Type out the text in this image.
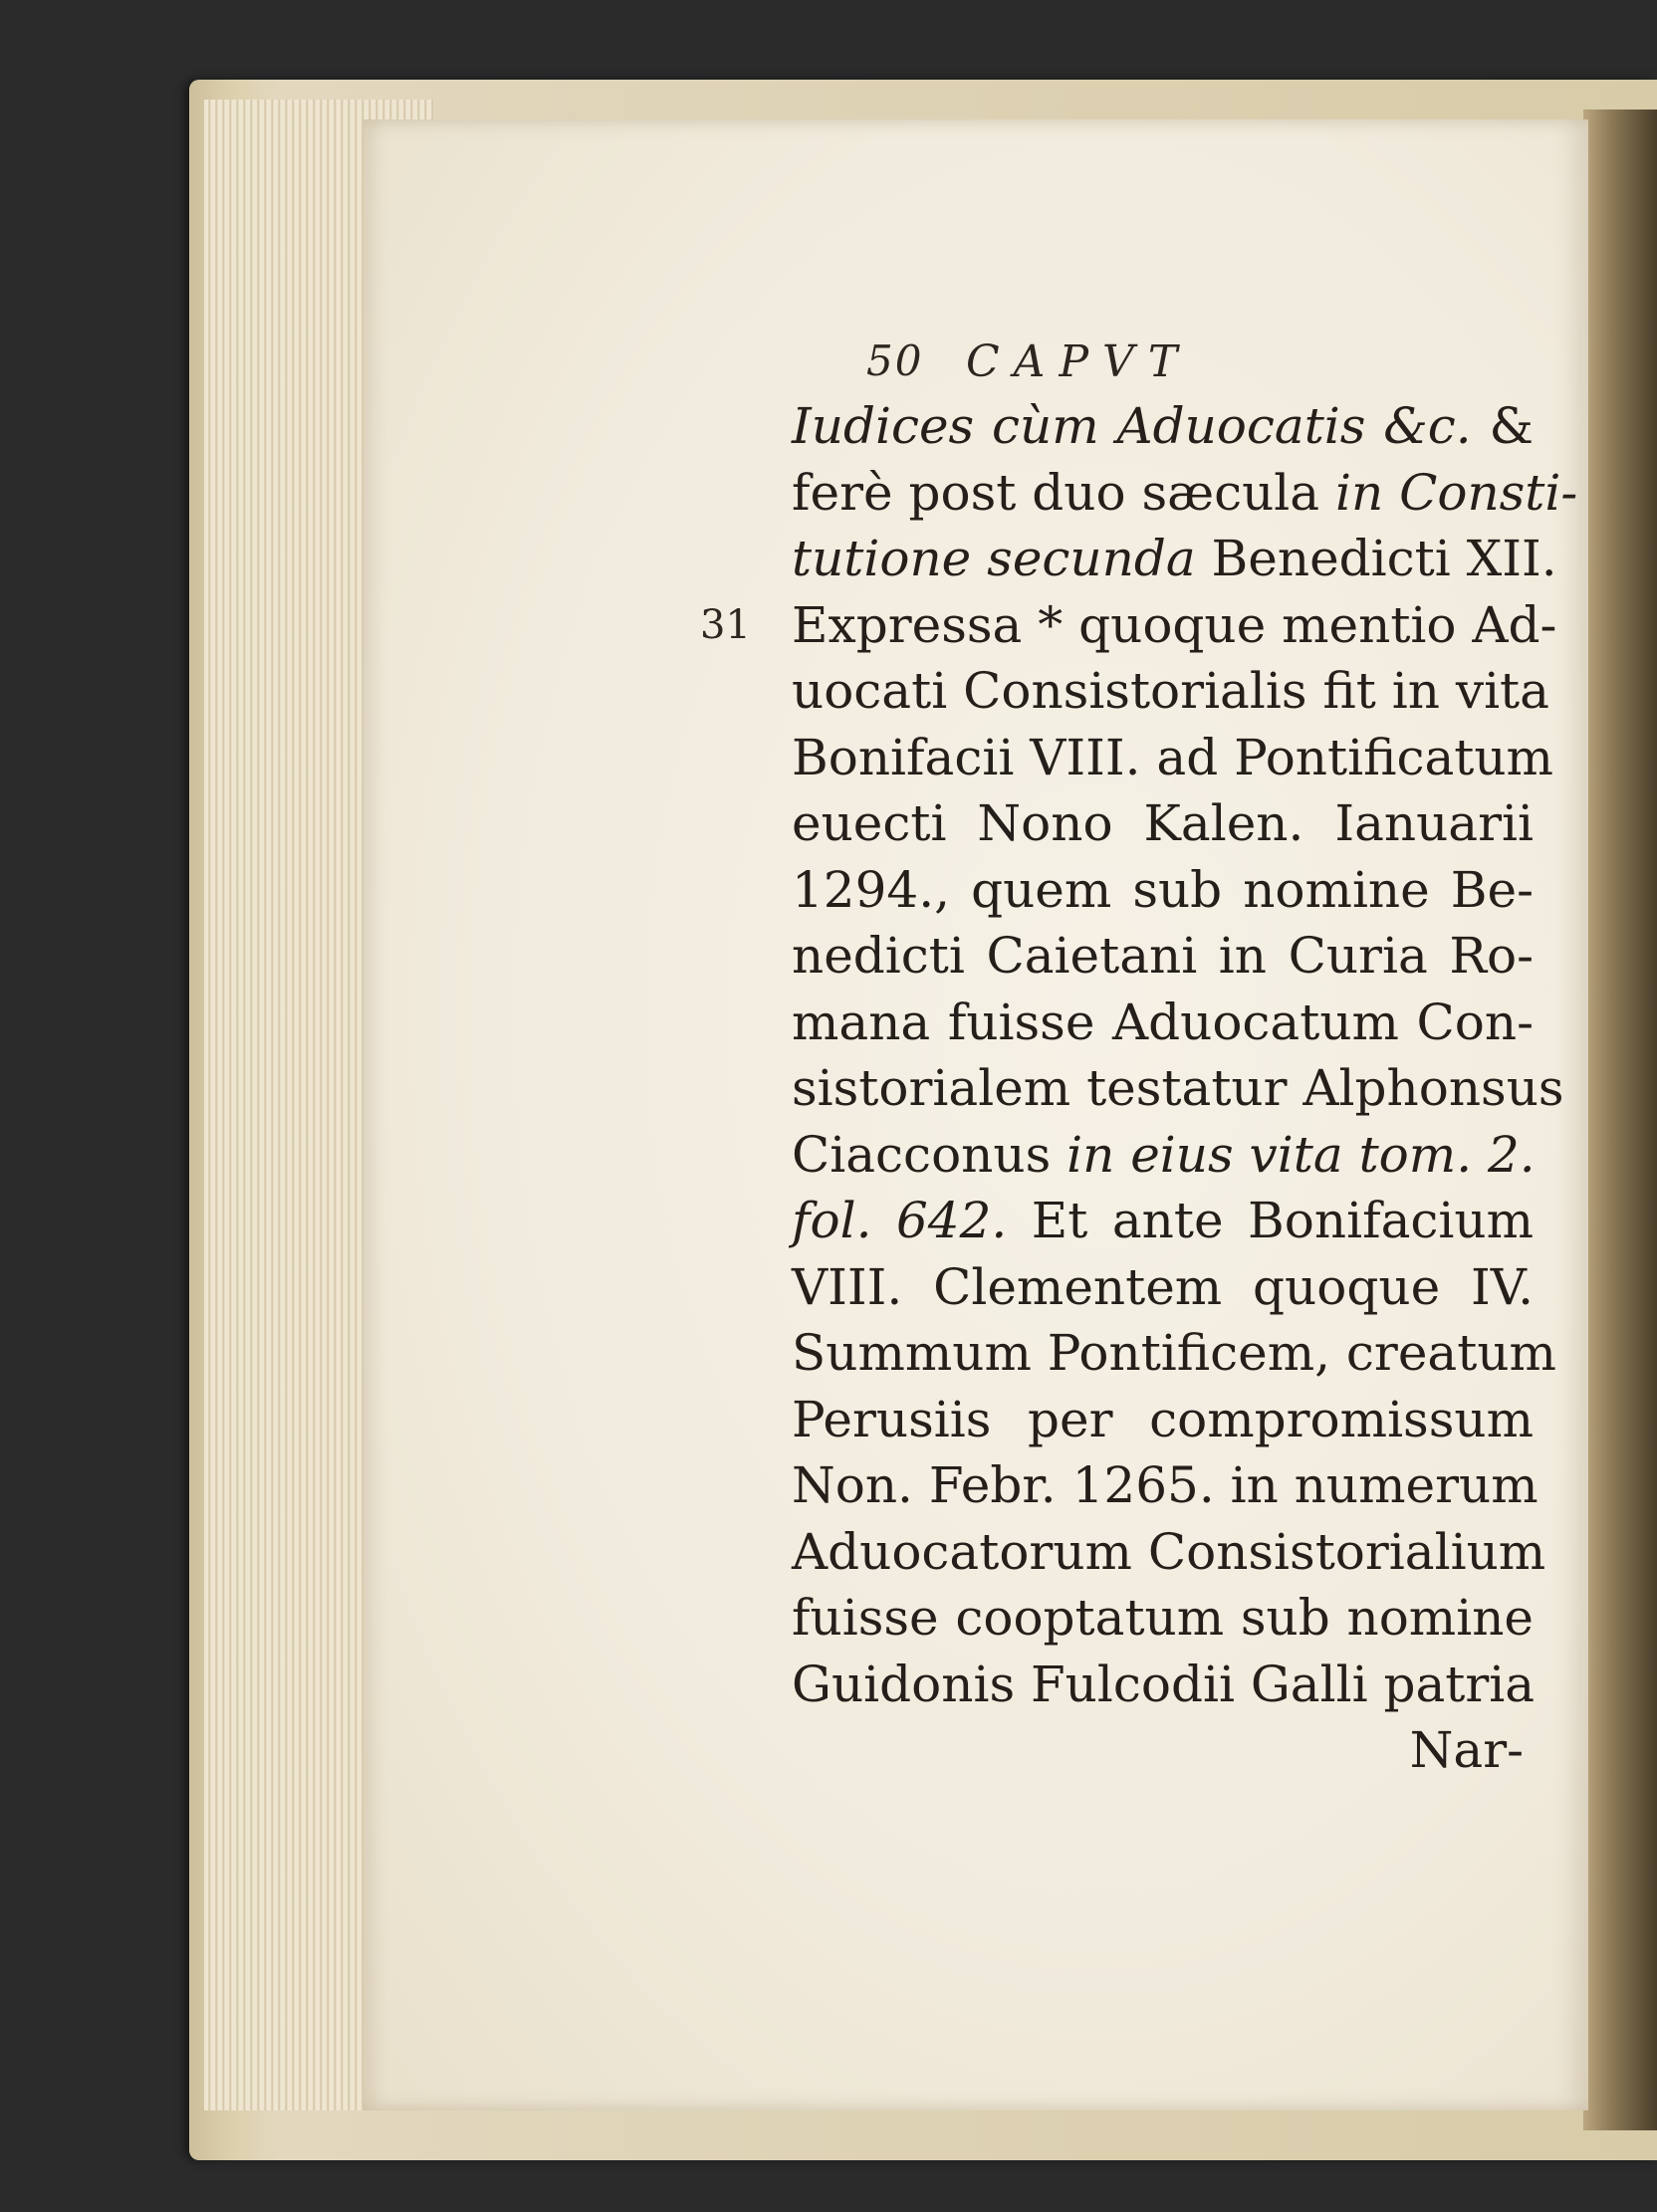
50 CAPVT
Iudices cùm Aduocatis &c. &
ferè post duo sæcula in Consti-
tutione secunda Benedicti XII.
31 Expressa * quoque mentio Ad-
uocati Consistorialis fit in vita
Bonifacii VIII. ad Pontificatum
euecti Nono Kalen. Ianuarii
1294., quem sub nomine Be-
nedicti Caietani in Curia Ro-
mana fuisse Aduocatum Con-
sistorialem testatur Alphonsus
Ciacconus in eius vita tom. 2.
fol. 642. Et ante Bonifacium
VIII. Clementem quoque IV.
Summum Pontificem, creatum
Perusiis per compromissum
Non. Febr. 1265. in numerum
Aduocatorum Consistorialium
fuisse cooptatum sub nomine
Guidonis Fulcodii Galli patria
Nar-
